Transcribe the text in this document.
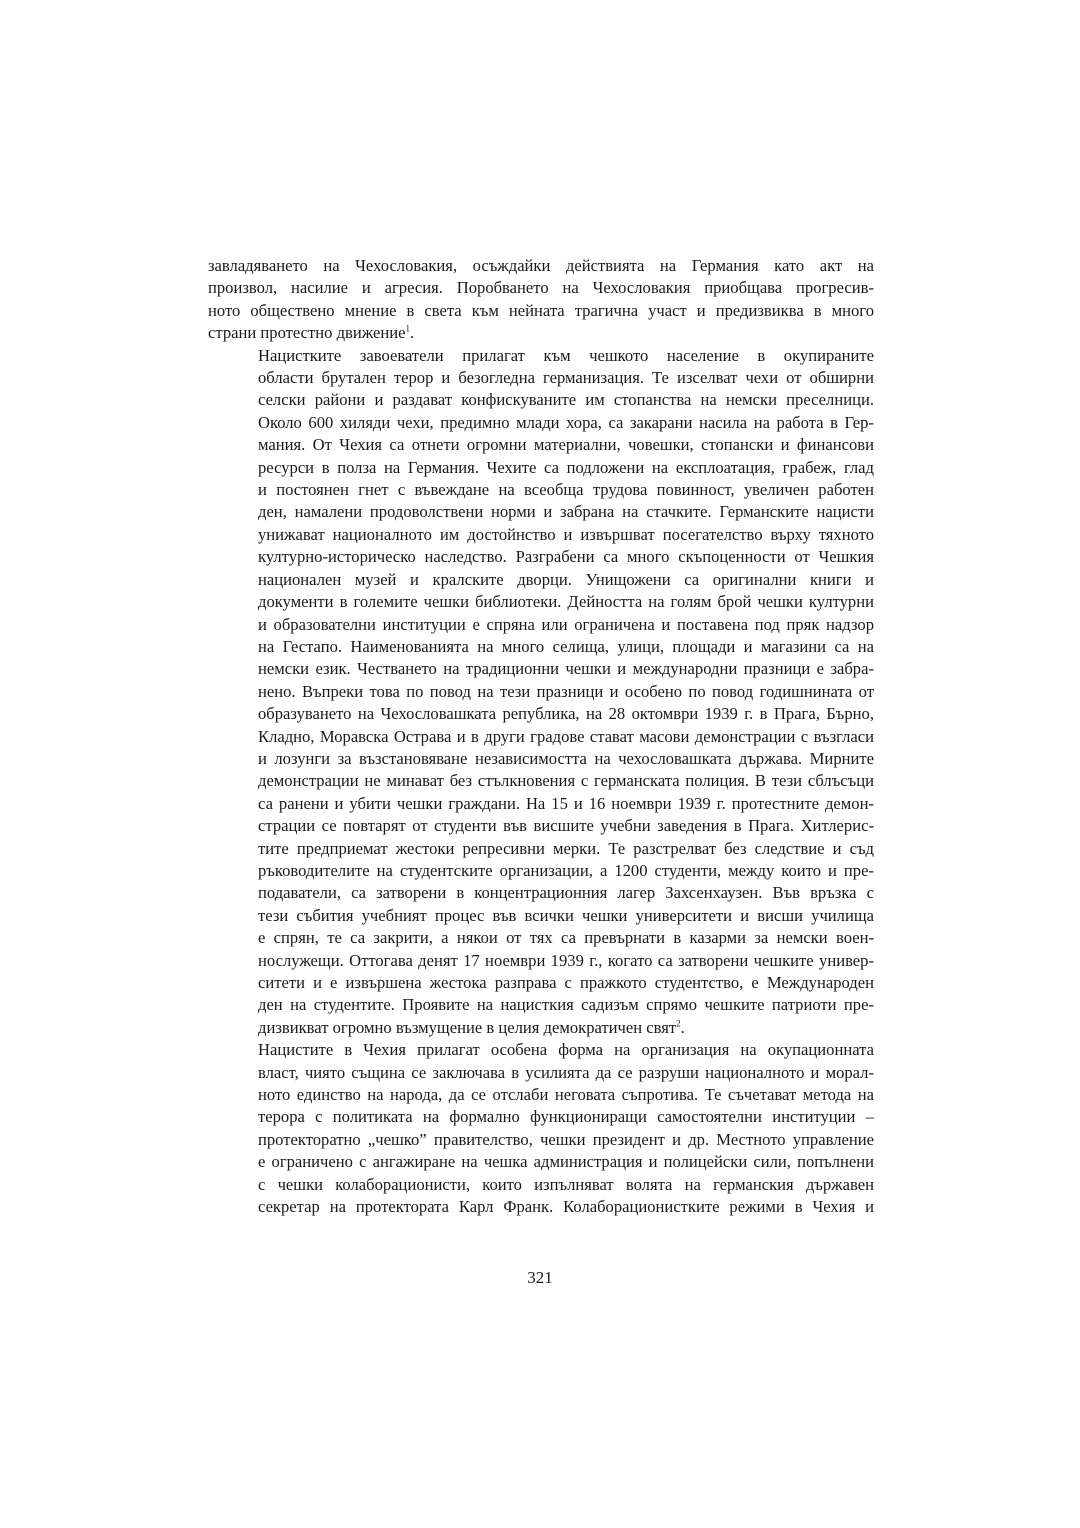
завладяването на Чехословакия, осъждайки действията на Германия като акт на
произвол, насилие и агресия. Поробването на Чехословакия приобщава прогресив-
ното обществено мнение в света към нейната трагична участ и предизвиква в много
страни протестно движение$^1$.
Нацистките завоеватели прилагат към чешкото население в окупираните
области брутален терор и безогледна германизация. Те изселват чехи от обширни
селски райони и раздават конфискуваните им стопанства на немски преселници.
Около 600 хиляди чехи, предимно млади хора, са закарани насила на работа в Гер-
мания. От Чехия са отнети огромни материални, човешки, стопански и финансови
ресурси в полза на Германия. Чехите са подложени на експлоатация, грабеж, глад
и постоянен гнет с въвеждане на всеобща трудова повинност, увеличен работен
ден, намалени продоволствени норми и забрана на стачките. Германските нацисти
унижават националното им достойнство и извършват посегателство върху тяхното
културно-историческо наследство. Разграбени са много скъпоценности от Чешкия
национален музей и кралските дворци. Унищожени са оригинални книги и
документи в големите чешки библиотеки. Дейността на голям брой чешки културни
и образователни институции е спряна или ограничена и поставена под пряк надзор
на Гестапо. Наименованията на много селища, улици, площади и магазини са на
немски език. Честването на традиционни чешки и международни празници е забра-
нено. Въпреки това по повод на тези празници и особено по повод годишнината от
образуването на Чехословашката република, на 28 октомври 1939 г. в Прага, Бърно,
Кладно, Моравска Острава и в други градове стават масови демонстрации с възгласи
и лозунги за възстановяване независимостта на чехословашката държава. Мирните
демонстрации не минават без стълкновения с германската полиция. В тези сблъсъци
са ранени и убити чешки граждани. На 15 и 16 ноември 1939 г. протестните демон-
страции се повтарят от студенти във висшите учебни заведения в Прага. Хитлерис-
тите предприемат жестоки репресивни мерки. Те разстрелват без следствие и съд
ръководителите на студентските организации, а 1200 студенти, между които и пре-
подаватели, са затворени в концентрационния лагер Захсенхаузен. Във връзка с
тези събития учебният процес във всички чешки университети и висши училища
е спрян, те са закрити, а някои от тях са превърнати в казарми за немски воен-
нослужещи. Оттогава денят 17 ноември 1939 г., когато са затворени чешките универ-
ситети и е извършена жестока разправа с пражкото студентство, е Международен
ден на студентите. Проявите на нацисткия садизъм спрямо чешките патриоти пре-
дизвикват огромно възмущение в целия демократичен свят$^2$.
Нацистите в Чехия прилагат особена форма на организация на окупационната
власт, чиято същина се заключава в усилията да се разруши националното и морал-
ното единство на народа, да се отслаби неговата съпротива. Те съчетават метода на
терора с политиката на формално функциониращи самостоятелни институции –
протекторатно „чешко” правителство, чешки президент и др. Местното управление
е ограничено с ангажиране на чешка администрация и полицейски сили, попълнени
с чешки колаборационисти, които изпълняват волята на германския държавен
секретар на протектората Карл Франк. Колаборационистките режими в Чехия и
321
